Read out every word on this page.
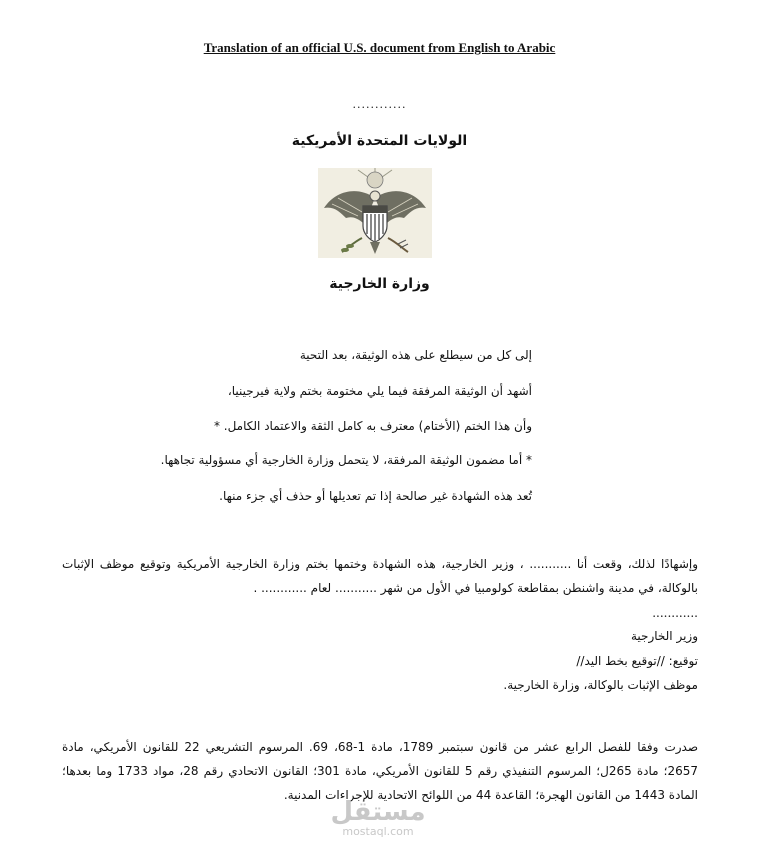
Translation of an official U.S. document from English to Arabic
............
الولايات المتحدة الأمريكية
وزارة الخارجية
إلى كل من سيطلع على هذه الوثيقة، بعد التحية
أشهد أن الوثيقة المرفقة فيما يلي مختومة بختم ولاية فيرجينيا،
وأن هذا الختم (الأختام) معترف به كامل الثقة والاعتماد الكامل. *
* أما مضمون الوثيقة المرفقة، لا يتحمل وزارة الخارجية أي مسؤولية تجاهها.
تُعد هذه الشهادة غير صالحة إذا تم تعديلها أو حذف أي جزء منها.
وإشهادًا لذلك، وقعت أنا ........... ، وزير الخارجية، هذه الشهادة وختمها بختم وزارة الخارجية الأمريكية وتوقيع موظف الإثبات بالوكالة، في مدينة واشنطن بمقاطعة كولومبيا في الأول من شهر ........... لعام ............ .
............
وزير الخارجية
توقيع: //توقيع بخط اليد//
موظف الإثبات بالوكالة، وزارة الخارجية.
صدرت وفقا للفصل الرابع عشر من قانون سبتمبر 1789، مادة 1-68، 69. المرسوم التشريعي 22 للقانون الأمريكي، مادة 2657؛ مادة 265ل؛ المرسوم التنفيذي رقم 5 للقانون الأمريكي، مادة 301؛ القانون الاتحادي رقم 28، مواد 1733 وما بعدها؛ المادة 1443 من القانون الهجرة؛ القاعدة 44 من اللوائح الاتحادية للإجراءات المدنية.
مستقل
mostaql.com
